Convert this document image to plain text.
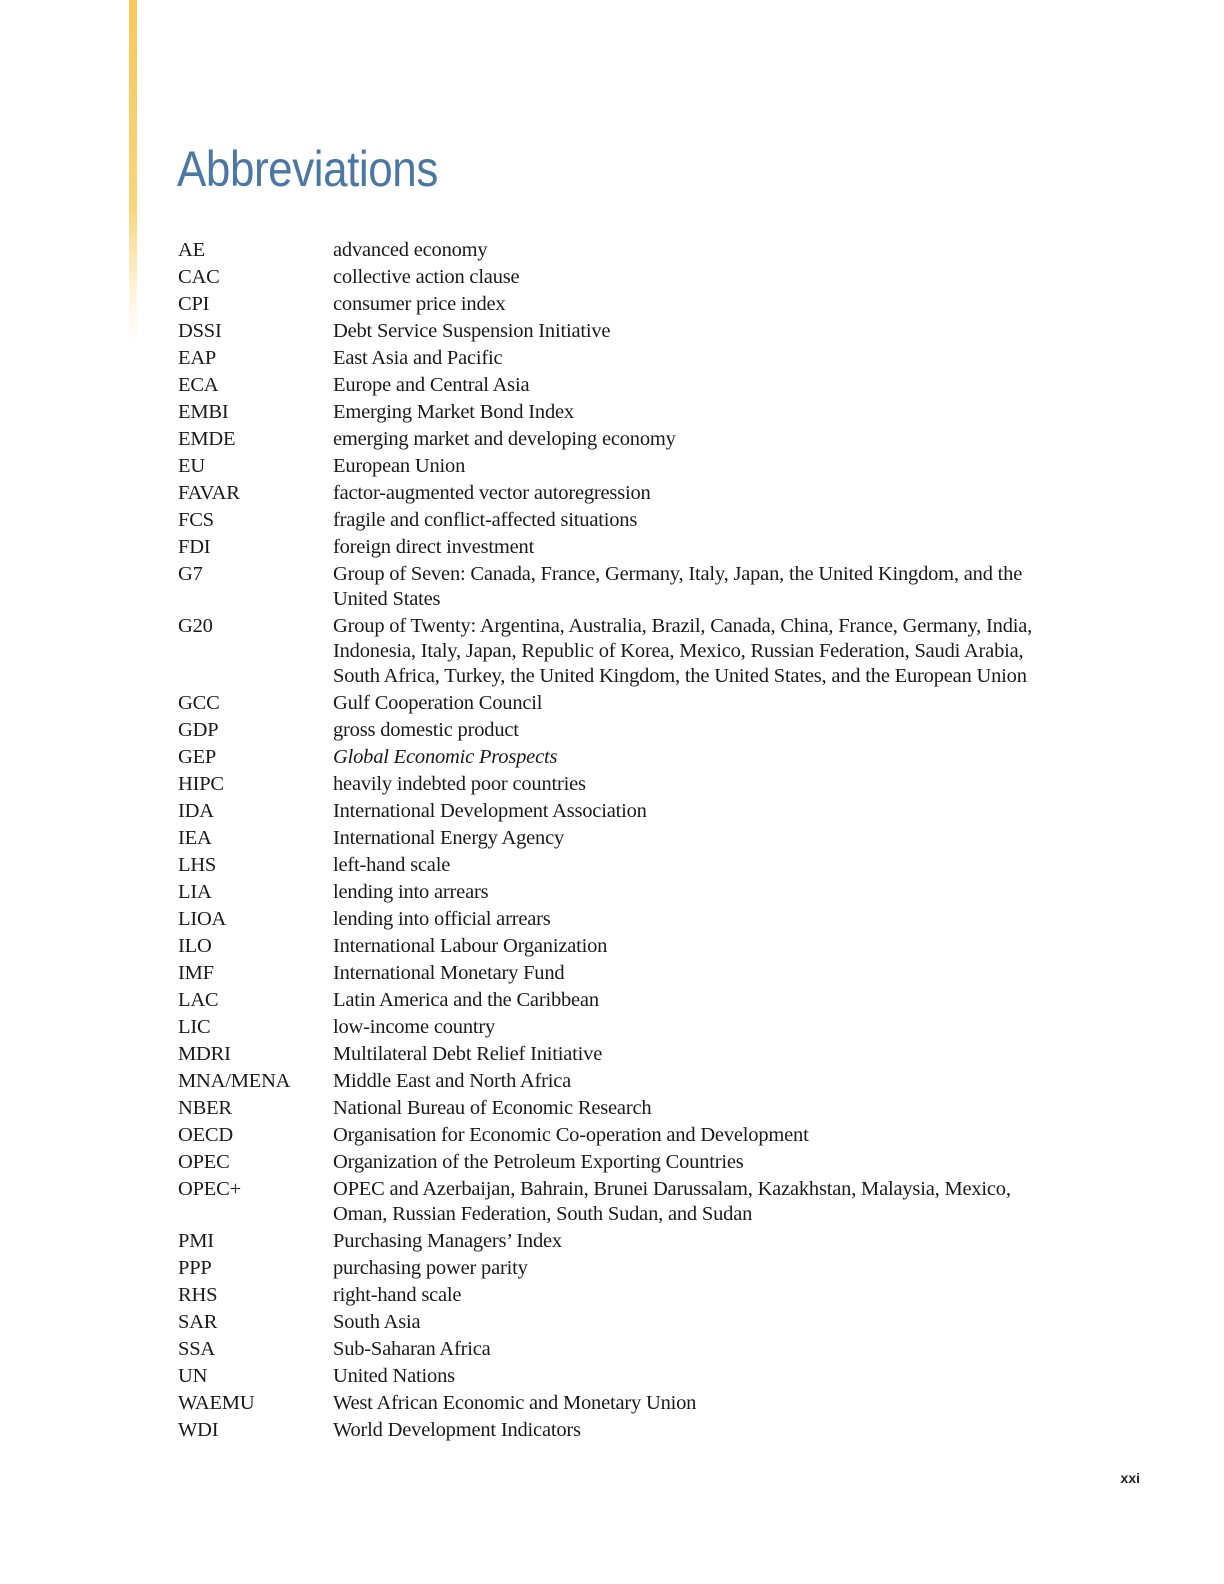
Abbreviations
AE	advanced economy
CAC	collective action clause
CPI	consumer price index
DSSI	Debt Service Suspension Initiative
EAP	East Asia and Pacific
ECA	Europe and Central Asia
EMBI	Emerging Market Bond Index
EMDE	emerging market and developing economy
EU	European Union
FAVAR	factor-augmented vector autoregression
FCS	fragile and conflict-affected situations
FDI	foreign direct investment
G7	Group of Seven: Canada, France, Germany, Italy, Japan, the United Kingdom, and the United States
G20	Group of Twenty: Argentina, Australia, Brazil, Canada, China, France, Germany, India, Indonesia, Italy, Japan, Republic of Korea, Mexico, Russian Federation, Saudi Arabia, South Africa, Turkey, the United Kingdom, the United States, and the European Union
GCC	Gulf Cooperation Council
GDP	gross domestic product
GEP	Global Economic Prospects
HIPC	heavily indebted poor countries
IDA	International Development Association
IEA	International Energy Agency
LHS	left-hand scale
LIA	lending into arrears
LIOA	lending into official arrears
ILO	International Labour Organization
IMF	International Monetary Fund
LAC	Latin America and the Caribbean
LIC	low-income country
MDRI	Multilateral Debt Relief Initiative
MNA/MENA	Middle East and North Africa
NBER	National Bureau of Economic Research
OECD	Organisation for Economic Co-operation and Development
OPEC	Organization of the Petroleum Exporting Countries
OPEC+	OPEC and Azerbaijan, Bahrain, Brunei Darussalam, Kazakhstan, Malaysia, Mexico, Oman, Russian Federation, South Sudan, and Sudan
PMI	Purchasing Managers’ Index
PPP	purchasing power parity
RHS	right-hand scale
SAR	South Asia
SSA	Sub-Saharan Africa
UN	United Nations
WAEMU	West African Economic and Monetary Union
WDI	World Development Indicators
xxi
